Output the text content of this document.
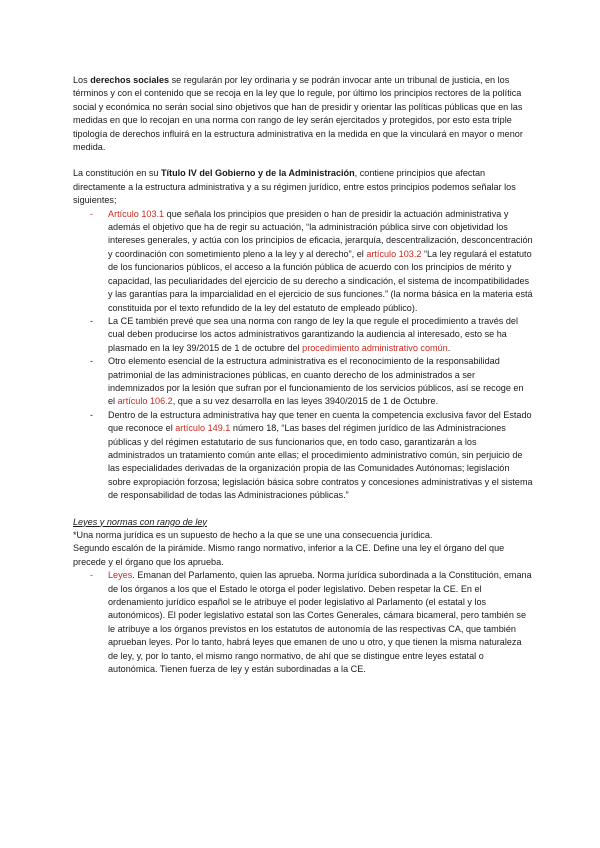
Los derechos sociales se regularán por ley ordinaria y se podrán invocar ante un tribunal de justicia, en los términos y con el contenido que se recoja en la ley que lo regule, por último los principios rectores de la política social y económica no serán social sino objetivos que han de presidir y orientar las políticas públicas que en las medidas en que lo recojan en una norma con rango de ley serán ejercitados y protegidos, por esto esta triple tipología de derechos influirá en la estructura administrativa en la medida en que la vinculará en mayor o menor medida.

La constitución en su Título IV del Gobierno y de la Administración, contiene principios que afectan directamente a la estructura administrativa y a su régimen jurídico, entre estos principios podemos señalar los siguientes;

- Artículo 103.1 que señala los principios que presiden o han de presidir la actuación administrativa y además el objetivo que ha de regir su actuación, “la administración pública sirve con objetividad los intereses generales, y actúa con los principios de eficacia, jerarquía, descentralización, desconcentración y coordinación con sometimiento pleno a la ley y al derecho”, el artículo 103.2 “La ley regulará el estatuto de los funcionarios públicos, el acceso a la función pública de acuerdo con los principios de mérito y capacidad, las peculiaridades del ejercicio de su derecho a sindicación, el sistema de incompatibilidades y las garantías para la imparcialidad en el ejercicio de sus funciones.” (la norma básica en la materia está constituida por el texto refundido de la ley del estatuto de empleado público).
- La CE también prevé que sea una norma con rango de ley la que regule el procedimiento a través del cual deben producirse los actos administrativos garantizando la audiencia al interesado, esto se ha plasmado en la ley 39/2015 de 1 de octubre del procedimiento administrativo común.
- Otro elemento esencial de la estructura administrativa es el reconocimiento de la responsabilidad patrimonial de las administraciones públicas, en cuanto derecho de los administrados a ser indemnizados por la lesión que sufran por el funcionamiento de los servicios públicos, así se recoge en el artículo 106.2, que a su vez desarrolla en las leyes 3940/2015 de 1 de Octubre.
- Dentro de la estructura administrativa hay que tener en cuenta la competencia exclusiva favor del Estado que reconoce el artículo 149.1 número 18, “Las bases del régimen jurídico de las Administraciones públicas y del régimen estatutario de sus funcionarios que, en todo caso, garantizarán a los administrados un tratamiento común ante ellas; el procedimiento administrativo común, sin perjuicio de las especialidades derivadas de la organización propia de las Comunidades Autónomas; legislación sobre expropiación forzosa; legislación básica sobre contratos y concesiones administrativas y el sistema de responsabilidad de todas las Administraciones públicas.”

Leyes y normas con rango de ley

*Una norma jurídica es un supuesto de hecho a la que se une una consecuencia jurídica.

Segundo escalón de la pirámide. Mismo rango normativo, inferior a la CE. Define una ley el órgano del que precede y el órgano que los aprueba.

- Leyes. Emanan del Parlamento, quien las aprueba. Norma jurídica subordinada a la Constitución, emana de los órganos a los que el Estado le otorga el poder legislativo. Deben respetar la CE. En el ordenamiento jurídico español se le atribuye el poder legislativo al Parlamento (el estatal y los autonómicos). El poder legislativo estatal son las Cortes Generales, cámara bicameral, pero también se le atribuye a los órganos previstos en los estatutos de autonomía de las respectivas CA, que también aprueban leyes. Por lo tanto, habrá leyes que emanen de uno u otro, y que tienen la misma naturaleza de ley, y, por lo tanto, el mismo rango normativo, de ahí que se distingue entre leyes estatal o autonómica. Tienen fuerza de ley y están subordinadas a la CE.
